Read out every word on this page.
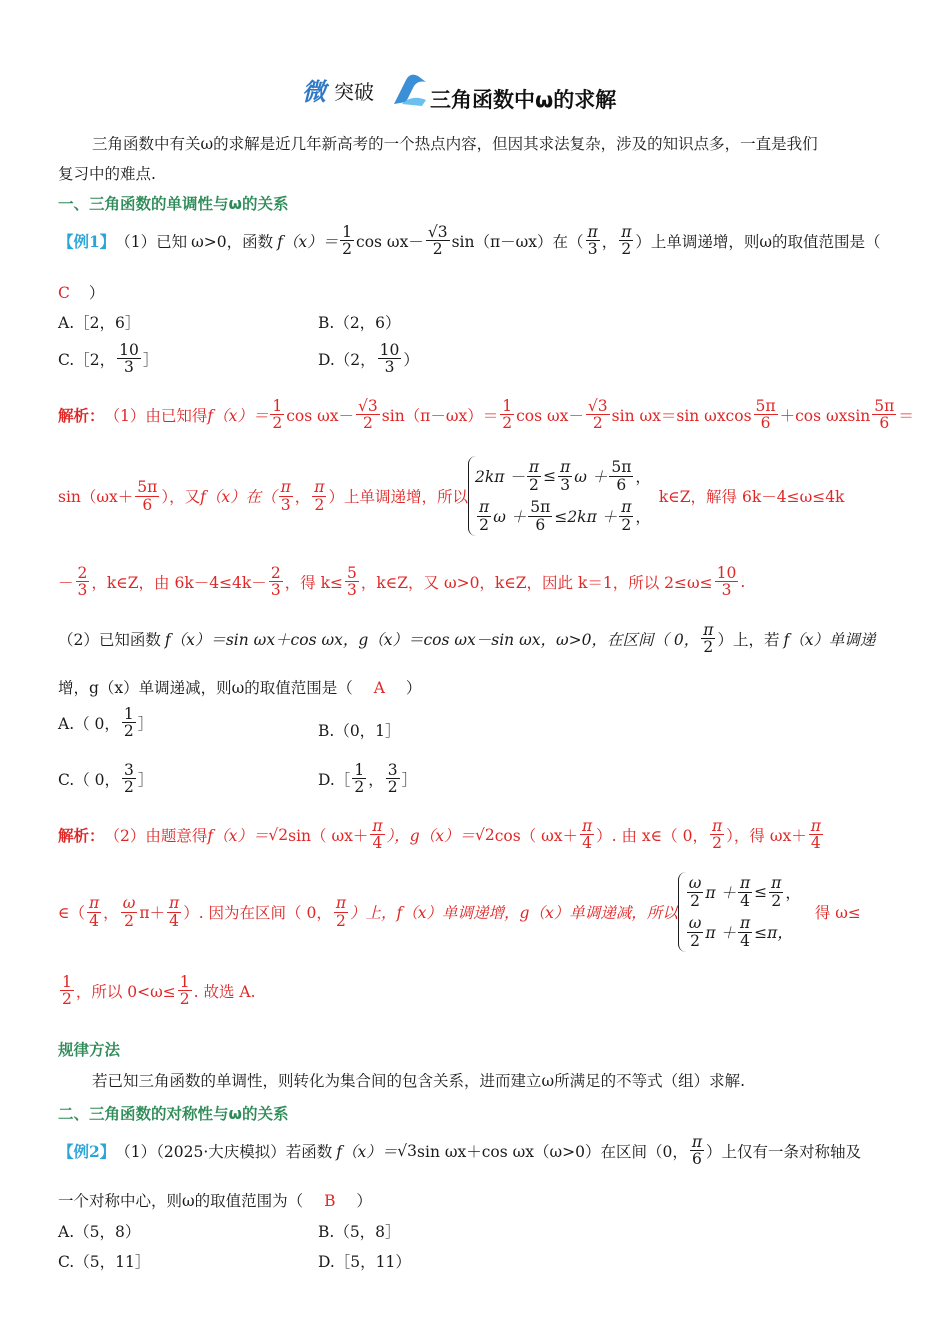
微 突破	三角函数中ω的求解
三角函数中有关ω的求解是近几年新高考的一个热点内容，但因其求法复杂，涉及的知识点多，一直是我们
复习中的难点.
一、三角函数的单调性与ω的关系
【例1】 （1）已知 ω>0，函数 $f(x)= \frac{1}{2}$ $\cos \omega x- \frac{√3}{2} \sin(\pi-\omega x)$在（ $\frac{\pi}{3}$ ， $\frac{\pi}{2}$ ）上单调递增，则ω的取值范围是（
C ）
A.［2，6］	B.（2，6）
C.［2， $\frac{10}{3}$ ］	D.（2， $\frac{10}{3}$ ）
解析： （1）由已知得 $f(x)= \frac{1}{2}$ $\cos \omega x- \frac{√3}{2} \sin(\pi-\omega x)= \frac{1}{2}$ $\cos \omega x- \frac{√3}{2}$ sin ωx＝sin ωxcos $\frac{5\pi}{6} +\cos$ ωxsin $\frac{5\pi}{6}$ ＝
$\sin(\omega x+ \frac{5\pi}{6}$ ），又 f（x）在（ $\frac{\pi}{3}$ ， $\frac{\pi}{2}$ ）上单调递增，所以
$2k\pi - \frac{\pi}{2} \le \frac{\pi}{3}$ $\omega + \frac{5\pi}{6}$ ，
$\frac{\pi}{2}$ $\omega + \frac{5\pi}{6} \le 2k\pi + \frac{\pi}{2}$ ，
k∈Z，解得 6k－4≤ω≤4k
－ $\frac{2}{3}$ ，k∈Z，由 $6k-4\le 4k- \frac{2}{3}$ ，得 $k\le \frac{5}{3}$ ，k∈Z，又 ω>0，k∈Z，因此 k＝1，所以 $2\le\omega\le \frac{10}{3}$ .
（2）已知函数 f（x）＝sin ωx＋cos ωx，g（x）＝cos ωx－sin ωx，ω>0，在区间（ 0， $\frac{\pi}{2}$ ）上，若 f（x）单调递
增，g（x）单调递减，则ω的取值范围是（ A ）
A.（ 0， $\frac{1}{2}$ ］	B.（0，1］
C.（ 0， $\frac{3}{2}$ ］	D.［ $\frac{1}{2}$ ， $\frac{3}{2}$ ］
解析： （2）由题意得 f（x）＝ √2 sin（ $\omega x+ \frac{\pi}{4}$ ），g（x）＝ √2 cos（ $\omega x+ \frac{\pi}{4}$ ）. 由 x∈（ 0， $\frac{\pi}{2}$ ），得 $\omega x+ \frac{\pi}{4}$
∈（ $\frac{\pi}{4}$ ， $\frac{\omega}{2} \pi+ \frac{\pi}{4}$ ）. 因为在区间（ 0， $\frac{\pi}{2}$ ）上，f（x）单调递增，g（x）单调递减，所以
$\frac{\omega}{2}$ $\pi + \frac{\pi}{4} \le \frac{\pi}{2}$ ，
$\frac{\omega}{2}$ $\pi + \frac{\pi}{4} \le\pi$，
得 ω≤
$\frac{1}{2}$ ，所以 $0<\omega\le \frac{1}{2}$ . 故选 A.
规律方法
若已知三角函数的单调性，则转化为集合间的包含关系，进而建立ω所满足的不等式（组）求解.
二、三角函数的对称性与ω的关系
【例2】 （1）（2025·大庆模拟）若函数 f（x）＝ √3 sin ωx＋cos ωx（ω>0）在区间（0， $\frac{\pi}{6}$ ）上仅有一条对称轴及
一个对称中心，则ω的取值范围为（ B ）
A.（5，8）	B.（5，8］
C.（5，11］	D.［5，11）
